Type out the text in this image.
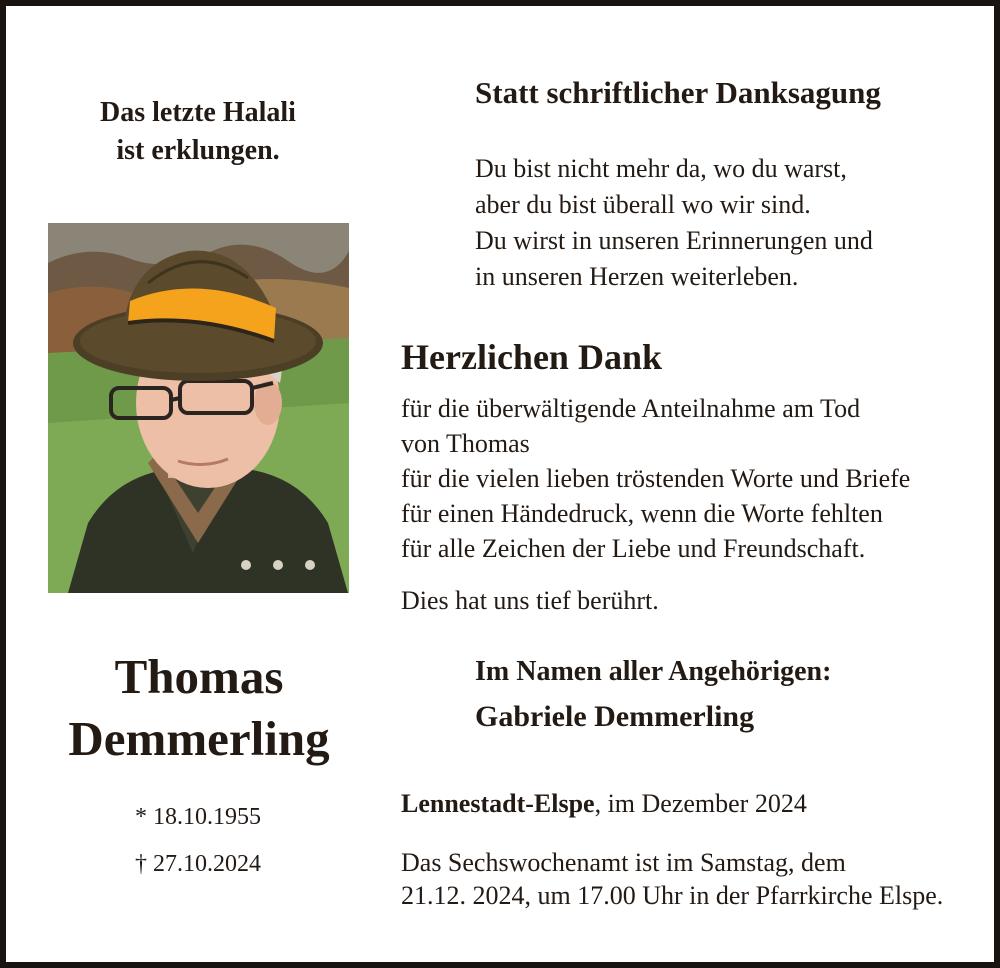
Das letzte Halali
ist erklungen.
Thomas
Demmerling
* 18.10.1955
† 27.10.2024
Statt schriftlicher Danksagung
Du bist nicht mehr da, wo du warst,
aber du bist überall wo wir sind.
Du wirst in unseren Erinnerungen und
in unseren Herzen weiterleben.
Herzlichen Dank
für die überwältigende Anteilnahme am Tod
von Thomas
für die vielen lieben tröstenden Worte und Briefe
für einen Händedruck, wenn die Worte fehlten
für alle Zeichen der Liebe und Freundschaft.
Dies hat uns tief berührt.
Im Namen aller Angehörigen:
Gabriele Demmerling
Lennestadt-Elspe, im Dezember 2024
Das Sechswochenamt ist im Samstag, dem
21.12. 2024, um 17.00 Uhr in der Pfarrkirche Elspe.
